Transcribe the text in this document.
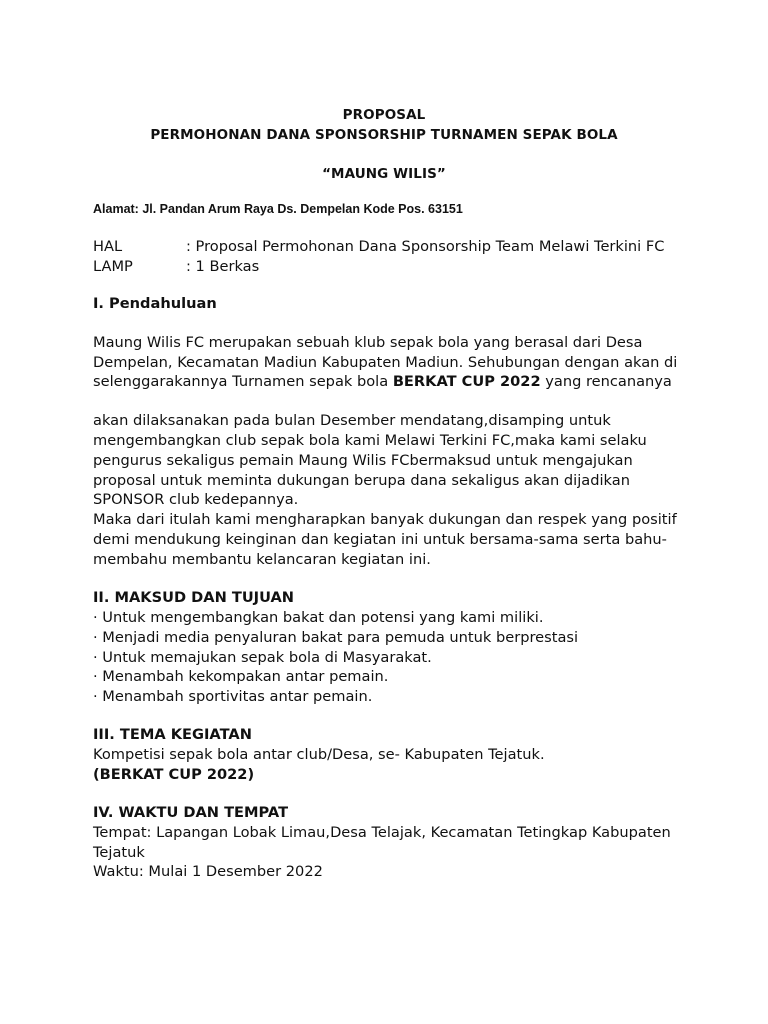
PROPOSAL
PERMOHONAN DANA SPONSORSHIP TURNAMEN SEPAK BOLA
“MAUNG WILIS”
Alamat: Jl. Pandan Arum Raya Ds. Dempelan Kode Pos. 63151
HAL	: Proposal Permohonan Dana Sponsorship Team Melawi Terkini FC
LAMP	: 1 Berkas
I. Pendahuluan
Maung Wilis FC merupakan sebuah klub sepak bola yang berasal dari Desa
Dempelan, Kecamatan Madiun Kabupaten Madiun. Sehubungan dengan akan di
selenggarakannya Turnamen sepak bola BERKAT CUP 2022 yang rencananya
akan dilaksanakan pada bulan Desember mendatang,disamping untuk
mengembangkan club sepak bola kami Melawi Terkini FC,maka kami selaku
pengurus sekaligus pemain Maung Wilis FCbermaksud untuk mengajukan
proposal untuk meminta dukungan berupa dana sekaligus akan dijadikan
SPONSOR club kedepannya.
Maka dari itulah kami mengharapkan banyak dukungan dan respek yang positif
demi mendukung keinginan dan kegiatan ini untuk bersama-sama serta bahu-
membahu membantu kelancaran kegiatan ini.
II. MAKSUD DAN TUJUAN
· Untuk mengembangkan bakat dan potensi yang kami miliki.
· Menjadi media penyaluran bakat para pemuda untuk berprestasi
· Untuk memajukan sepak bola di Masyarakat.
· Menambah kekompakan antar pemain.
· Menambah sportivitas antar pemain.
III. TEMA KEGIATAN
Kompetisi sepak bola antar club/Desa, se- Kabupaten Tejatuk.
(BERKAT CUP 2022)
IV. WAKTU DAN TEMPAT
Tempat: Lapangan Lobak Limau,Desa Telajak, Kecamatan Tetingkap Kabupaten
Tejatuk
Waktu: Mulai 1 Desember 2022
